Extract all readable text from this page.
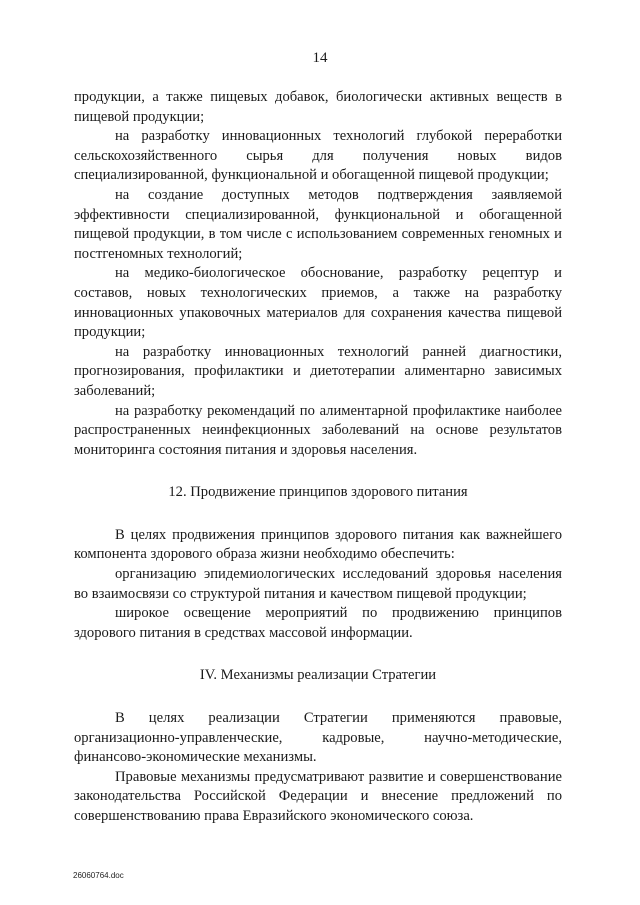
14

продукции, а также пищевых добавок, биологически активных веществ в пищевой продукции;

на разработку инновационных технологий глубокой переработки сельскохозяйственного сырья для получения новых видов специализированной, функциональной и обогащенной пищевой продукции;

на создание доступных методов подтверждения заявляемой эффективности специализированной, функциональной и обогащенной пищевой продукции, в том числе с использованием современных геномных и постгеномных технологий;

на медико-биологическое обоснование, разработку рецептур и составов, новых технологических приемов, а также на разработку инновационных упаковочных материалов для сохранения качества пищевой продукции;

на разработку инновационных технологий ранней диагностики, прогнозирования, профилактики и диетотерапии алиментарно зависимых заболеваний;

на разработку рекомендаций по алиментарной профилактике наиболее распространенных неинфекционных заболеваний на основе результатов мониторинга состояния питания и здоровья населения.

12. Продвижение принципов здорового питания

В целях продвижения принципов здорового питания как важнейшего компонента здорового образа жизни необходимо обеспечить:

организацию эпидемиологических исследований здоровья населения во взаимосвязи со структурой питания и качеством пищевой продукции;

широкое освещение мероприятий по продвижению принципов здорового питания в средствах массовой информации.

IV. Механизмы реализации Стратегии

В целях реализации Стратегии применяются правовые, организационно-управленческие, кадровые, научно-методические, финансово-экономические механизмы.

Правовые механизмы предусматривают развитие и совершенствование законодательства Российской Федерации и внесение предложений по совершенствованию права Евразийского экономического союза.

26060764.doc
